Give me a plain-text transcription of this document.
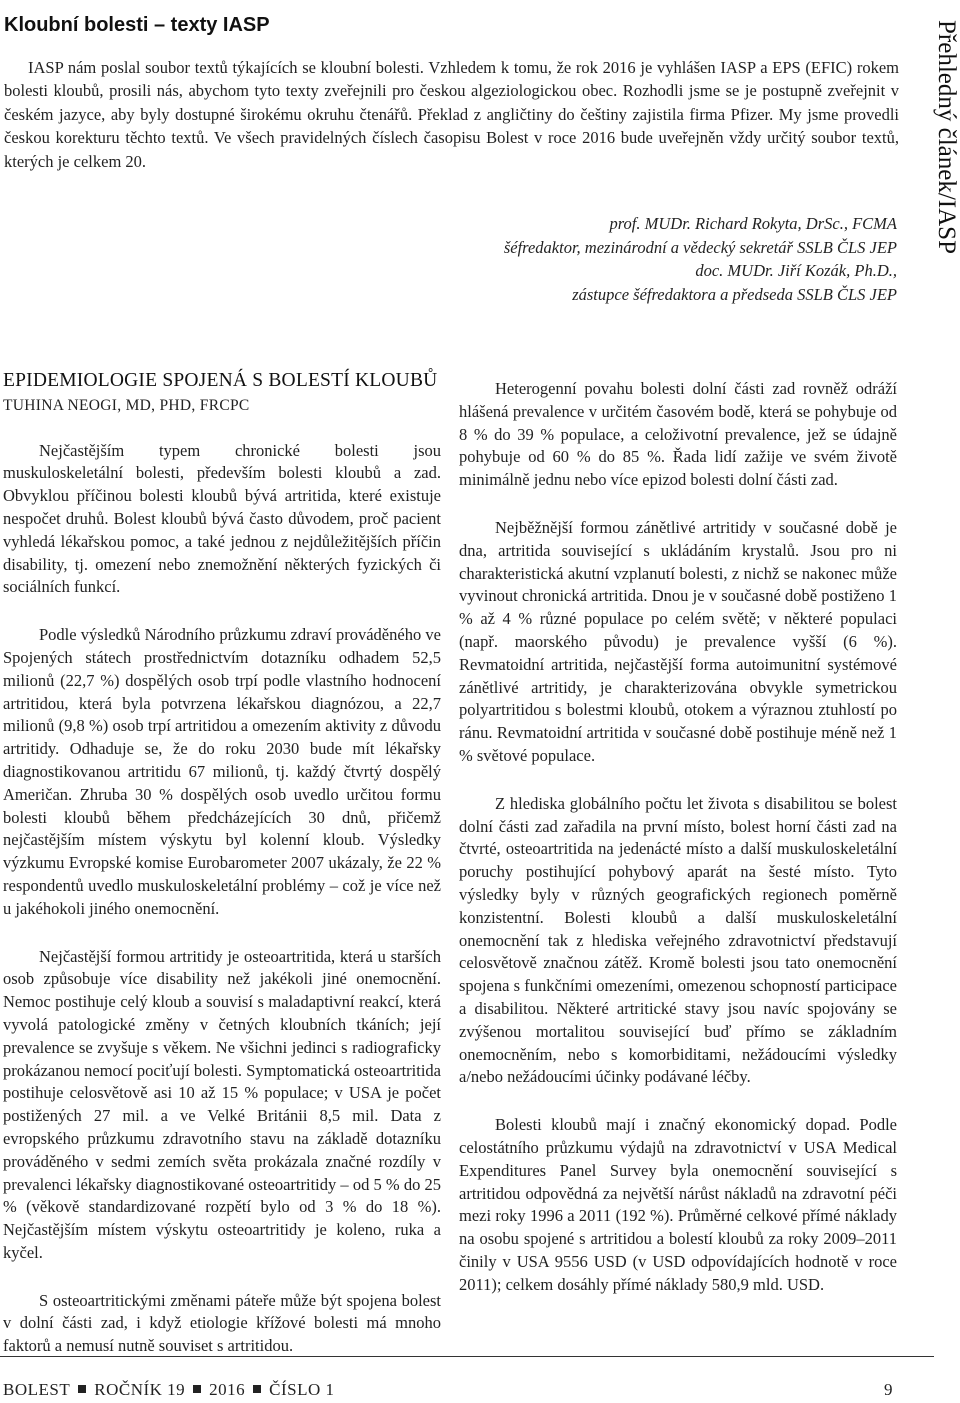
Kloubní bolesti – texty IASP	Přehledný článek/IASP

IASP nám poslal soubor textů týkajících se kloubní bolesti. Vzhledem k tomu, že rok 2016 je vyhlášen IASP a EPS (EFIC) rokem bolesti kloubů, prosili nás, abychom tyto texty zveřejnili pro českou algeziologickou obec. Rozhodli jsme se je postupně zveřejnit v českém jazyce, aby byly dostupné širokému okruhu čtenářů. Překlad z angličtiny do češtiny zajistila firma Pfizer. My jsme provedli českou korekturu těchto textů. Ve všech pravidelných číslech časopisu Bolest v roce 2016 bude uveřejněn vždy určitý soubor textů, kterých je celkem 20.

prof. MUDr. Richard Rokyta, DrSc., FCMA
šéfredaktor, mezinárodní a vědecký sekretář SSLB ČLS JEP
doc. MUDr. Jiří Kozák, Ph.D.,
zástupce šéfredaktora a předseda SSLB ČLS JEP
EPIDEMIOLOGIE SPOJENÁ S BOLESTÍ KLOUBŮ
TUHINA NEOGI, MD, PHD, FRCPC

Nejčastějším typem chronické bolesti jsou muskuloskeletální bolesti, především bolesti kloubů a zad. Obvyklou příčinou bolesti kloubů bývá artritida, které existuje nespočet druhů. Bolest kloubů bývá často důvodem, proč pacient vyhledá lékařskou pomoc, a také jednou z nejdůležitějších příčin disability, tj. omezení nebo znemožnění některých fyzických či sociálních funkcí.

Podle výsledků Národního průzkumu zdraví prováděného ve Spojených státech prostřednictvím dotazníku odhadem 52,5 milionů (22,7 %) dospělých osob trpí podle vlastního hodnocení artritidou, která byla potvrzena lékařskou diagnózou, a 22,7 milionů (9,8 %) osob trpí artritidou a omezením aktivity z důvodu artritidy. Odhaduje se, že do roku 2030 bude mít lékařsky diagnostikovanou artritidu 67 milionů, tj. každý čtvrtý dospělý Američan. Zhruba 30 % dospělých osob uvedlo určitou formu bolesti kloubů během předcházejících 30 dnů, přičemž nejčastějším místem výskytu byl kolenní kloub. Výsledky výzkumu Evropské komise Eurobarometer 2007 ukázaly, že 22 % respondentů uvedlo muskuloskeletální problémy – což je více než u jakéhokoli jiného onemocnění.

Nejčastější formou artritidy je osteoartritida, která u starších osob způsobuje více disability než jakékoli jiné onemocnění. Nemoc postihuje celý kloub a souvisí s maladaptivní reakcí, která vyvolá patologické změny v četných kloubních tkáních; její prevalence se zvyšuje s věkem. Ne všichni jedinci s radiograficky prokázanou nemocí pociťují bolesti. Symptomatická osteoartritida postihuje celosvětově asi 10 až 15 % populace; v USA je počet postižených 27 mil. a ve Velké Británii 8,5 mil. Data z evropského průzkumu zdravotního stavu na základě dotazníku prováděného v sedmi zemích světa prokázala značné rozdíly v prevalenci lékařsky diagnostikované osteoartritidy – od 5 % do 25 % (věkově standardizované rozpětí bylo od 3 % do 18 %). Nejčastějším místem výskytu osteoartritidy je koleno, ruka a kyčel.

S osteoartritickými změnami páteře může být spojena bolest v dolní části zad, i když etiologie křížové bolesti má mnoho faktorů a nemusí nutně souviset s artritidou.

Heterogenní povahu bolesti dolní části zad rovněž odráží hlášená prevalence v určitém časovém bodě, která se pohybuje od 8 % do 39 % populace, a celoživotní prevalence, jež se údajně pohybuje od 60 % do 85 %. Řada lidí zažije ve svém životě minimálně jednu nebo více epizod bolesti dolní části zad.

Nejběžnější formou zánětlivé artritidy v současné době je dna, artritida související s ukládáním krystalů. Jsou pro ni charakteristická akutní vzplanutí bolesti, z nichž se nakonec může vyvinout chronická artritida. Dnou je v současné době postiženo 1 % až 4 % různé populace po celém světě; v některé populaci (např. maorského původu) je prevalence vyšší (6 %). Revmatoidní artritida, nejčastější forma autoimunitní systémové zánětlivé artritidy, je charakterizována obvykle symetrickou polyartritidou s bolestmi kloubů, otokem a výraznou ztuhlostí po ránu. Revmatoidní artritida v současné době postihuje méně než 1 % světové populace.

Z hlediska globálního počtu let života s disabilitou se bolest dolní části zad zařadila na první místo, bolest horní části zad na čtvrté, osteoartritida na jedenácté místo a další muskuloskeletální poruchy postihující pohybový aparát na šesté místo. Tyto výsledky byly v různých geografických regionech poměrně konzistentní. Bolesti kloubů a další muskuloskeletální onemocnění tak z hlediska veřejného zdravotnictví představují celosvětově značnou zátěž. Kromě bolesti jsou tato onemocnění spojena s funkčními omezeními, omezenou schopností participace a disabilitou. Některé artritické stavy jsou navíc spojovány se zvýšenou mortalitou související buď přímo se základním onemocněním, nebo s komorbiditami, nežádoucími výsledky a/nebo nežádoucími účinky podávané léčby.

Bolesti kloubů mají i značný ekonomický dopad. Podle celostátního průzkumu výdajů na zdravotnictví v USA Medical Expenditures Panel Survey byla onemocnění související s artritidou odpovědná za největší nárůst nákladů na zdravotní péči mezi roky 1996 a 2011 (192 %). Průměrné celkové přímé náklady na osobu spojené s artritidou a bolestí kloubů za roky 2009–2011 činily v USA 9556 USD (v USD odpovídajících hodnotě v roce 2011); celkem dosáhly přímé náklady 580,9 mld. USD.

BOLEST ROČNÍK 19 2016 ČÍSLO 1	9
